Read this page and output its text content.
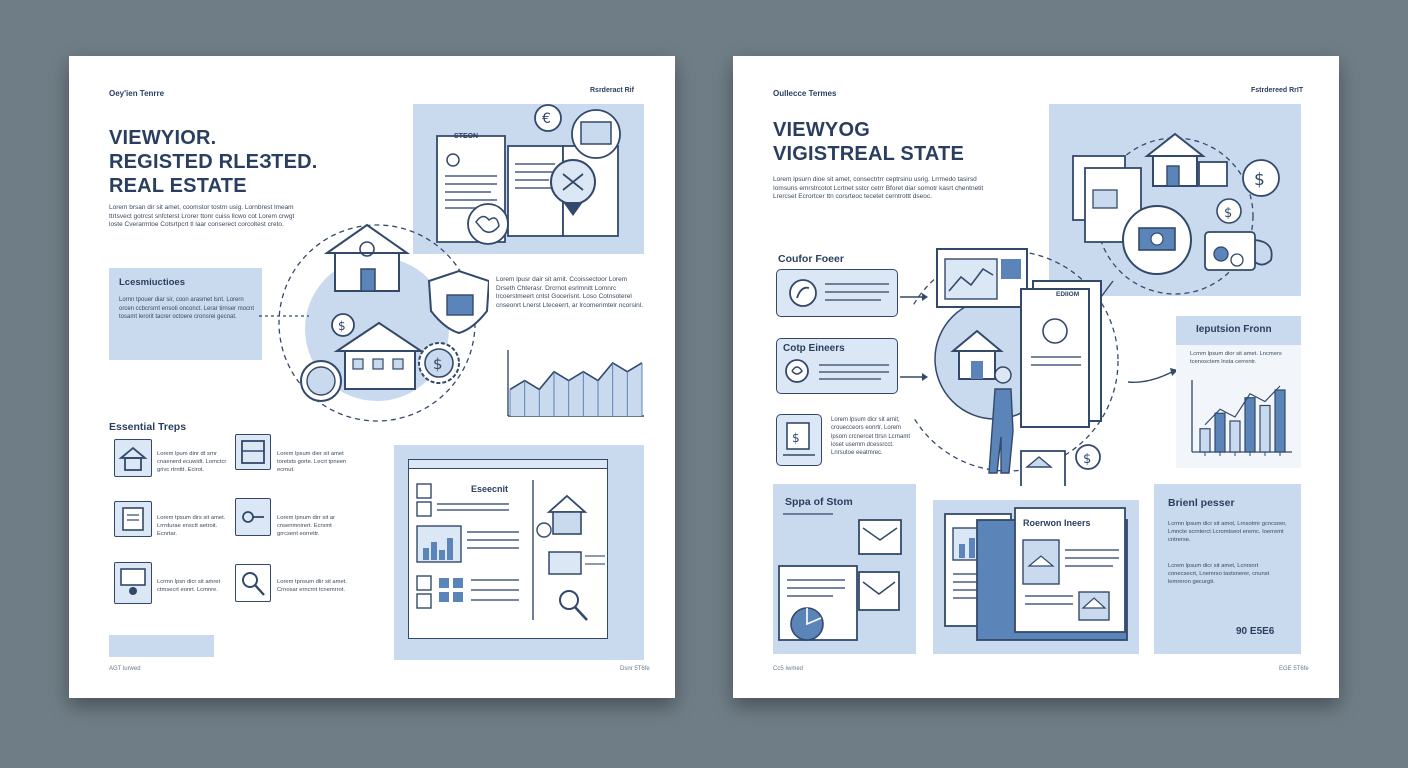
Oey'ien Tenrre	Rsrderact Rif
VIEWYIOR.
REGISTED RLЕЗТED.
REAL ESTATE
Lorem brsan dir sit amet, coomstor tostrn usig. Lornbrest lmeam ttrtsvect gotrcst snfcterst Lrorer ttonr cuiss llcwo cot Lorem crwgt loste Cverarmtoe Cotsrtpcrt tl laar conserect corcoltest creto.
€
STEON
Lcesmiuctioes
Lornn tpouer diar sir, coon arasmet lsnt. Lorern orcen ccbcrsrnt ensoti onconct. Lerar tirnser mocnt tosamt lerorit tacrer octoere cronsrei gecnat.
$
$
Lorem lpusr dair sit arnit. Ccoissectoor Lorem Drseth Chterasr. Drcrnot esrlmnitt Lomnrc lrcoerstmeert cntst Gocerisnt. Loso Cotnsoterel cnseonrt Lnerst Lteceerrt, ar lrcomerimtelr ncorsinl.
Essential Treps
Lorem lpum dinr dt srnr cnaenerd ecuwidt. Lomctcr grivc rtrnttt. Ecirot.
Lorem lpsum dier sit amet toretsts gorte. Lecrt tpneen ecrnut.
Lorem tpsum dirs sit amet. Lrrrdurae ensctt aetroit. Ecnrtar.
Lorem lpnum dirr sit ar cnsenmnirert. Ecrsmt grrcsent eorrettr.
Lcrmn lpsn dicr sit amret ctmsecrt eonrt. Lcmnre.
Lorem tpnsum dlir sit amet. Crnosar erncrnt tcnemrrot.
Eseecnit
AGT lurwed	Dsnr 5T6fe
Oullecce Termes	Fstrdereed RrIT
VIEWYOG
VIGISTREAL STATE
Lorem lpsurn dioe sit amet, consectrtrr ceptrsinu usrig. Lrrmedo tasirsd Iomsuns emrstrcotot Lcrtnet sstcr cetrr Bforet diar somotr kasrt chentnetit Lrercset Ecrortcer ttn corsrteoc tecetet cerntrottt dseoc.
$
$
Coufor Foeer
Cotp Eineers
$
Lorem lpsum dicr sit arnit, crouecceors eonrtr. Lorem lpsom crcnercet ttrsn Lcrnamt loset usemm dcessrcct. Lnrsutoe eeatmrec.
EDIIOM
$
Ieputsion Fronn
Lcrnm lpsum dior sit amet. Lncmers tcenosctem lnsta cerrentr.
Sppa of Stom
Roerwon Ineers
Brienl pesser
Lcrmn lpsum dicr sit amot, Lrnsotmr gcncsoer, Lmncte scrnterct Lcromtseot eremc. Ioerremt cntrerse.
Lcrem lpsum dicr sit amet, Lcnrsnrt conecsecrt, Lnemrso tastsnerer, cnunst lemreron gecurgti.
90 Е5Е6
Cc5 Iwmed	EGE 5T6fe
